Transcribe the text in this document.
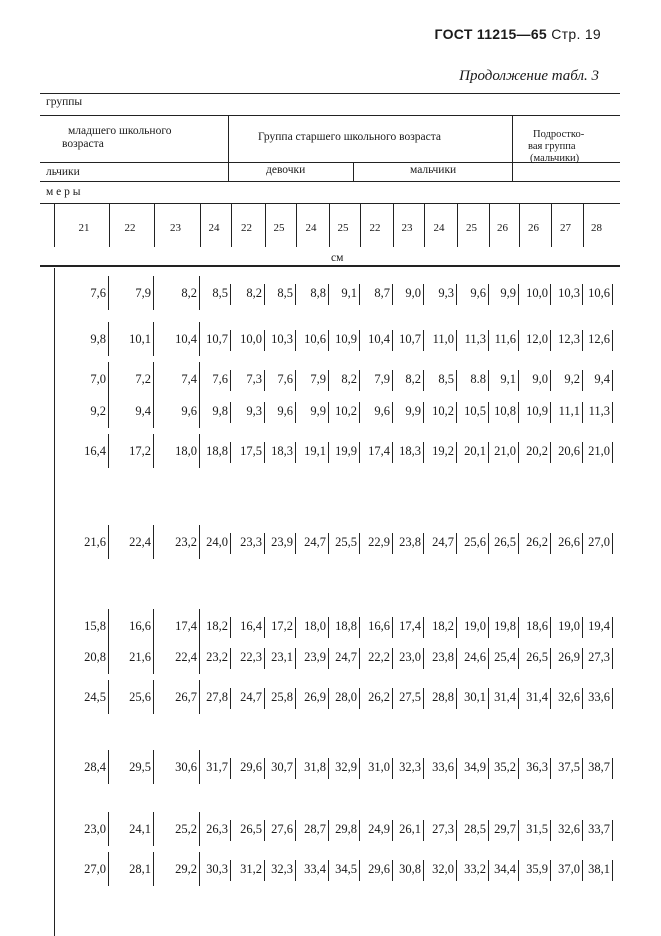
ГОСТ 11215—65 Стр. 19
Продолжение табл. 3
группы
младшего школьного
возраста
Группа старшего школьного возраста	Подростко-
вая группа
(мальчики)
льчики	девочки	мальчики
м е р ы
см
21	22	23	24	22	25	24	25	22	23	24	25	26	26	27	28
7,6	7,9	8,2	8,5	8,2	8,5	8,8	9,1	8,7	9,0	9,3	9,6	9,9 10,0 10,3 10,6
9,8	10,1	10,4 10,7 10,0 10,3 10,6 10,9 10,4 10,7 11,0 11,3 11,6 12,0 12,3 12,6
7,0	7,2	7,4	7,6	7,3	7,6	7,9	8,2	7,9	8,2	8,5	8.8	9,1	9,0	9,2	9,4
9,2	9,4	9,6	9,8	9,3	9,6	9,9 10,2	9,6	9,9 10,2 10,5 10,8 10,9 11,1 11,3
16,4	17,2	18,0 18,8 17,5 18,3 19,1 19,9 17,4 18,3 19,2 20,1 21,0 20,2 20,6 21,0
21,6	22,4	23,2 24,0 23,3 23,9 24,7 25,5 22,9 23,8 24,7 25,6 26,5 26,2 26,6 27,0
15,8	16,6	17,4 18,2 16,4 17,2 18,0 18,8 16,6 17,4 18,2 19,0 19,8 18,6 19,0 19,4
20,8	21,6	22,4 23,2 22,3 23,1 23,9 24,7 22,2 23,0 23,8 24,6 25,4 26,5 26,9 27,3
24,5	25,6	26,7 27,8 24,7 25,8 26,9 28,0 26,2 27,5 28,8 30,1 31,4 31,4 32,6 33,6
28,4	29,5	30,6 31,7 29,6 30,7 31,8 32,9 31,0 32,3 33,6 34,9 35,2 36,3 37,5 38,7
23,0	24,1	25,2 26,3 26,5 27,6 28,7 29,8 24,9 26,1 27,3 28,5 29,7 31,5 32,6 33,7
27,0	28,1	29,2 30,3 31,2 32,3 33,4 34,5 29,6 30,8 32,0 33,2 34,4 35,9 37,0 38,1
